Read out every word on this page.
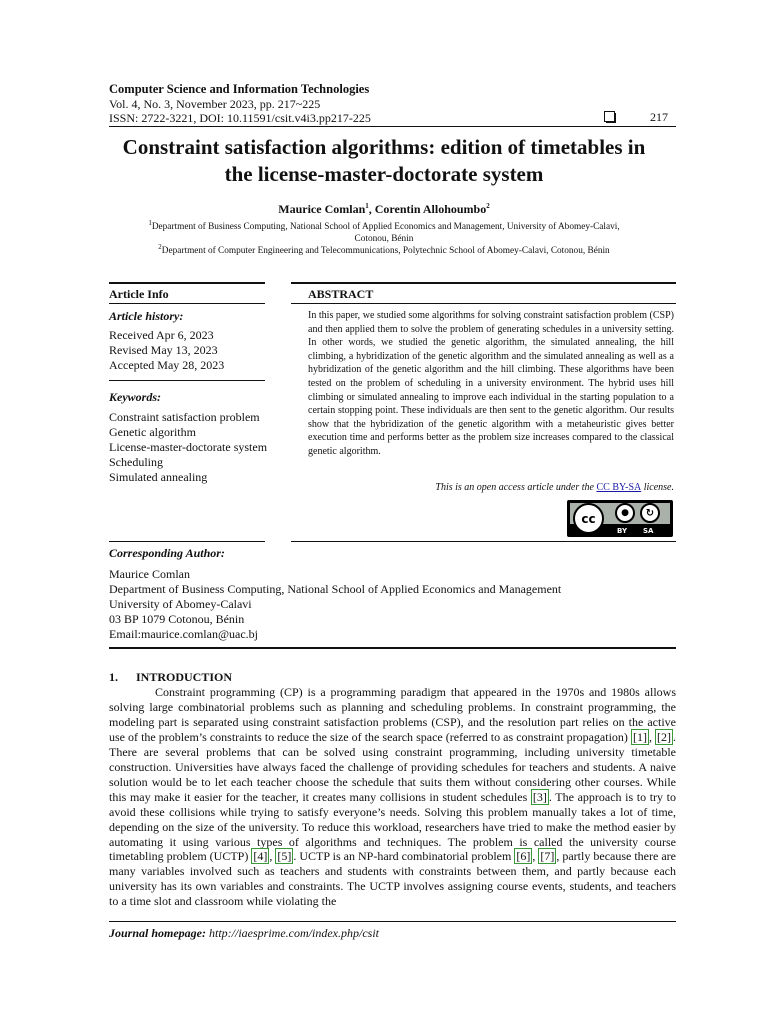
Computer Science and Information Technologies
Vol. 4, No. 3, November 2023, pp. 217~225
ISSN: 2722-3221, DOI: 10.11591/csit.v4i3.pp217-225	217
Constraint satisfaction algorithms: edition of timetables in
the license-master-doctorate system
Maurice Comlan$^1$, Corentin Allohoumbo$^2$
$^1$Department of Business Computing, National School of Applied Economics and Management, University of Abomey-Calavi,
Cotonou, Bénin
$^2$Department of Computer Engineering and Telecommunications, Polytechnic School of Abomey-Calavi, Cotonou, Bénin
Article Info
Article history:
Received Apr 6, 2023
Revised May 13, 2023
Accepted May 28, 2023
Keywords:
Constraint satisfaction problem
Genetic algorithm
License-master-doctorate system
Scheduling
Simulated annealing
ABSTRACT
In this paper, we studied some algorithms for solving constraint satisfaction problem (CSP) and then applied them to solve the problem of generating schedules in a university setting. In other words, we studied the genetic algorithm, the simulated annealing, the hill climbing, a hybridization of the genetic algorithm and the simulated annealing as well as a hybridization of the genetic algorithm and the hill climbing. These algorithms have been tested on the problem of scheduling in a university environment. The hybrid uses hill climbing or simulated annealing to improve each individual in the starting population to a certain stopping point. These individuals are then sent to the genetic algorithm. Our results show that the hybridization of the genetic algorithm with a metaheuristic gives better execution time and performs better as the problem size increases compared to the classical genetic algorithm.
This is an open access article under the CC BY-SA license.
cc	●	↻
BY SA
Corresponding Author:
Maurice Comlan
Department of Business Computing, National School of Applied Economics and Management
University of Abomey-Calavi
03 BP 1079 Cotonou, Bénin
Email:maurice.comlan@uac.bj
1. INTRODUCTION

Constraint programming (CP) is a programming paradigm that appeared in the 1970s and 1980s allows solving large combinatorial problems such as planning and scheduling problems. In constraint programming, the modeling part is separated using constraint satisfaction problems (CSP), and the resolution part relies on the active use of the problem’s constraints to reduce the size of the search space (referred to as constraint propagation) [1] , [2] . There are several problems that can be solved using constraint programming, including university timetable construction. Universities have always faced the challenge of providing schedules for teachers and students. A naive solution would be to let each teacher choose the schedule that suits them without considering other courses. While this may make it easier for the teacher, it creates many collisions in student schedules [3] . The approach is to try to avoid these collisions while trying to satisfy everyone’s needs. Solving this problem manually takes a lot of time, depending on the size of the university. To reduce this workload, researchers have tried to make the method easier by automating it using various types of algorithms and techniques. The problem is called the university course timetabling problem (UCTP) [4] , [5] . UCTP is an NP-hard combinatorial problem [6] , [7] , partly because there are many variables involved such as teachers and students with constraints between them, and partly because each university has its own variables and constraints. The UCTP involves assigning course events, students, and teachers to a time slot and classroom while violating the

Journal homepage: http://iaesprime.com/index.php/csit
